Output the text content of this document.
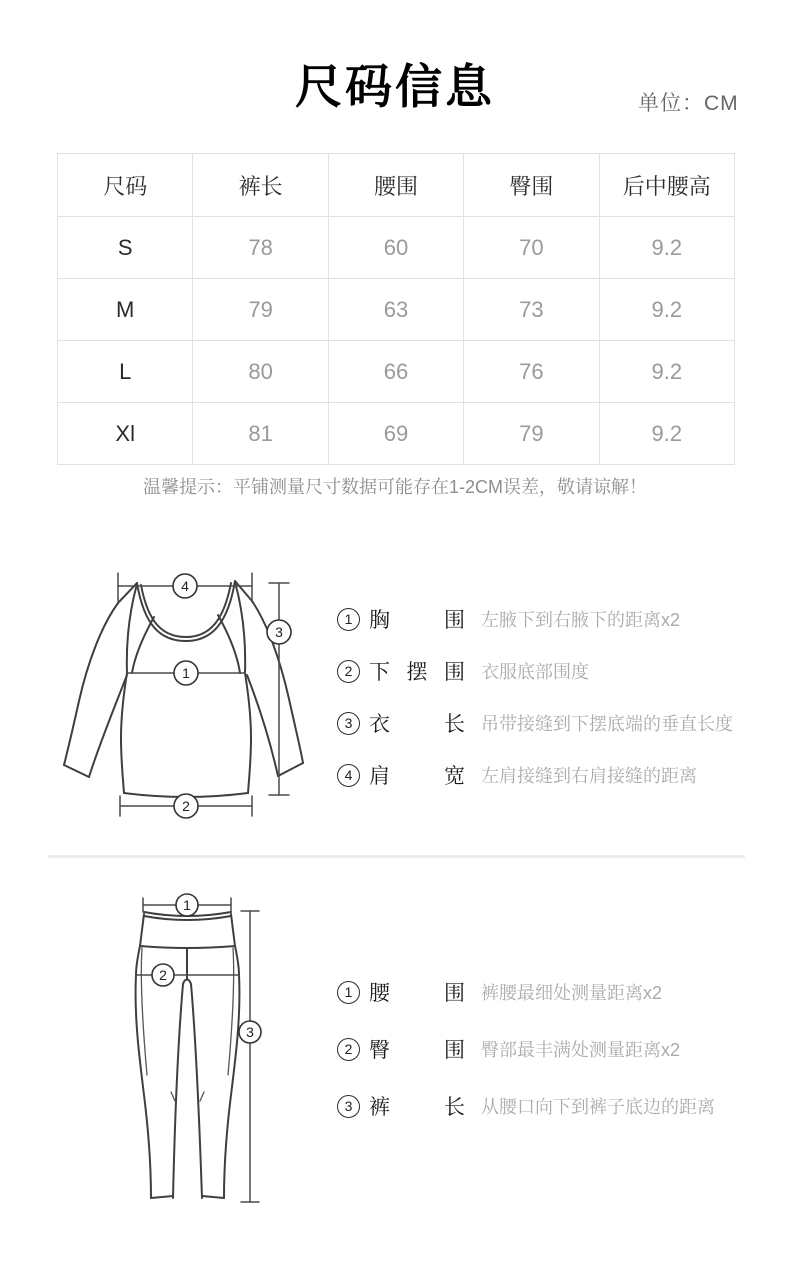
尺码信息	单位：CM
尺码	裤长	腰围	臀围	后中腰高
S	78	60	70	9.2
M	79	63	73	9.2
L	80	66	76	9.2
Xl	81	69	79	9.2
温馨提示：平铺测量尺寸数据可能存在1-2CM误差，敬请谅解！
4
3
1
2
1 胸围 左腋下到右腋下的距离x2
2 下摆围 衣服底部围度
3 衣长 吊带接缝到下摆底端的垂直长度
4 肩宽 左肩接缝到右肩接缝的距离
1
2
3
1 腰围 裤腰最细处测量距离x2
2 臀围 臀部最丰满处测量距离x2
3 裤长 从腰口向下到裤子底边的距离
